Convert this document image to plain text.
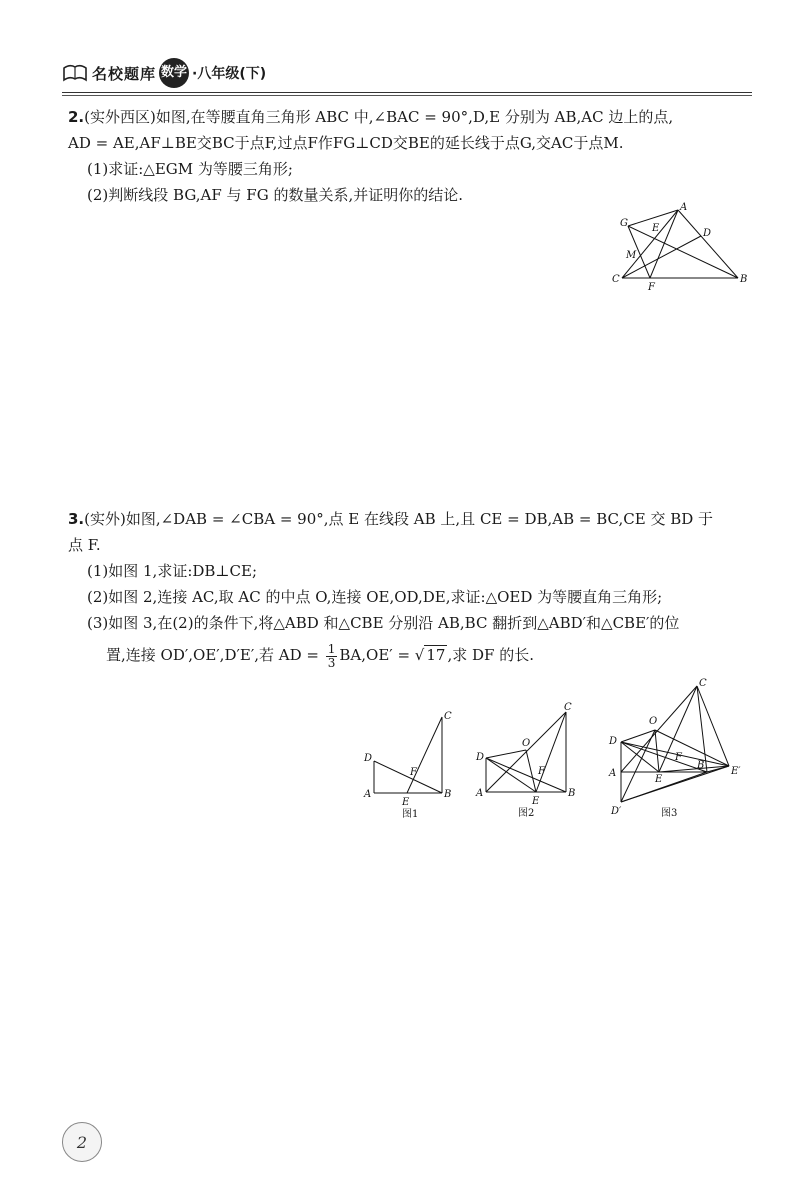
名校题库 数学 ·八年级(下)

2.(实外西区)如图,在等腰直角三角形 ABC 中,∠BAC = 90°,D,E 分别为 AB,AC 边上的点,

AD = AE,AF⊥BE交BC于点F,过点F作FG⊥CD交BE的延长线于点G,交AC于点M.

(1)求证:△EGM 为等腰三角形;

(2)判断线段 BG,AF 与 FG 的数量关系,并证明你的结论.

A
B
C
D
E
F
G
M

3.(实外)如图,∠DAB = ∠CBA = 90°,点 E 在线段 AB 上,且 CE = DB,AB = BC,CE 交 BD 于

点 F.

(1)如图 1,求证:DB⊥CE;

(2)如图 2,连接 AC,取 AC 的中点 O,连接 OE,OD,DE,求证:△OED 为等腰直角三角形;

(3)如图 3,在(2)的条件下,将△ABD 和△CBE 分别沿 AB,BC 翻折到△ABD′和△CBE′的位

置,连接 OD′,OE′,D′E′,若 AD = $\frac{1}{3} BA,OE'$ = √ 17 ,求 DF 的长.

A	B
C
D
E
F
图1
A	B
C
D
E
F
O
图2
A
B
C
D
E
F
O
D′
E′
图3
2
